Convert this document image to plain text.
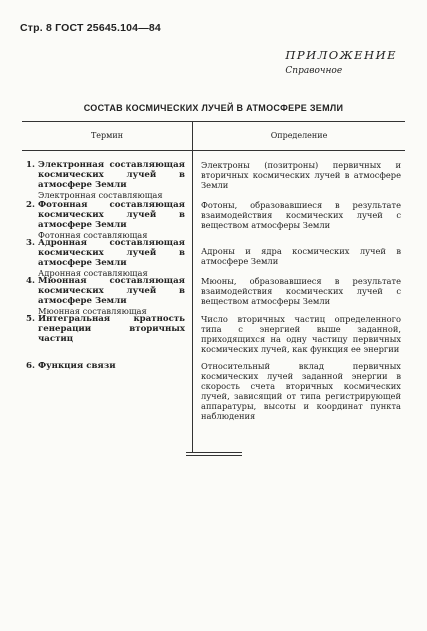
Стр. 8 ГОСТ 25645.104—84
ПРИЛОЖЕНИЕ
Справочное
СОСТАВ КОСМИЧЕСКИХ ЛУЧЕЙ В АТМОСФЕРЕ ЗЕМЛИ
Термин	Определение
1. Электронная составляющая космических лучей в атмосфере Земли
Электронная составляющая
Электроны (позитроны) первичных и вторичных космических лучей в атмосфере Земли
2. Фотонная составляющая космических лучей в атмосфере Земли
Фотонная составляющая
Фотоны, образовавшиеся в результате взаимодействия космических лучей с веществом атмосферы Земли
3. Адронная составляющая космических лучей в атмосфере Земли
Адронная составляющая
Адроны и ядра космических лучей в атмосфере Земли
4. Мюонная составляющая космических лучей в атмосфере Земли
Мюонная составляющая
Мюоны, образовавшиеся в результате взаимодействия космических лучей с веществом атмосферы Земли
5. Интегральная кратность генерации вторичных частиц
Число вторичных частиц определенного типа с энергией выше заданной, приходящихся на одну частицу первичных космических лучей, как функция ее энергии
6. Функция связи	Относительный вклад первичных космических лучей заданной энергии в скорость счета вторичных космических лучей, зависящий от типа регистрирующей аппаратуры, высоты и координат пункта наблюдения
